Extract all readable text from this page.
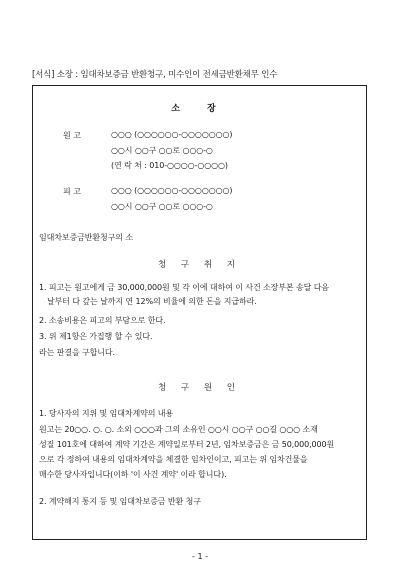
[서식] 소장 : 임대차보증금 반환청구, 미수인이 전세금반환채무 인수
소 장
원 고	○○○ (○○○○○○-○○○○○○○)
○○시 ○○구 ○○로 ○○○-○
(연 락 처 : 010-○○○○-○○○○)
피 고	○○○ (○○○○○○-○○○○○○○)
○○시 ○○구 ○○로 ○○○-○
임대차보증금반환청구의 소
청 구 취 지
1. 피고는 원고에게 금 30,000,000원 및 각 이에 대하여 이 사건 소장부본 송달 다음
날부터 다 갚는 날까지 연 12%의 비율에 의한 돈을 지급하라.
2. 소송비용은 피고의 부담으로 한다.
3. 위 제1항은 가집행 할 수 있다.
라는 판결을 구합니다.
청 구 원 인
1. 당사자의 지위 및 임대차계약의 내용
원고는 20○○. ○. ○. 소외 ○○○과 그의 소유인 ○○시 ○○구 ○○길 ○○○ 소재
성질 101호에 대하여 계약 기간은 계약일로부터 2년, 임차보증금은 금 50,000,000원
으로 각 정하여 내용의 임대차계약을 체결한 임차인이고, 피고는 위 임차건물을
매수한 당사자입니다(이하 '이 사건 계약' 이라 합니다).
2. 계약해지 통지 등 및 임대차보증금 반환 청구
- 1 -
